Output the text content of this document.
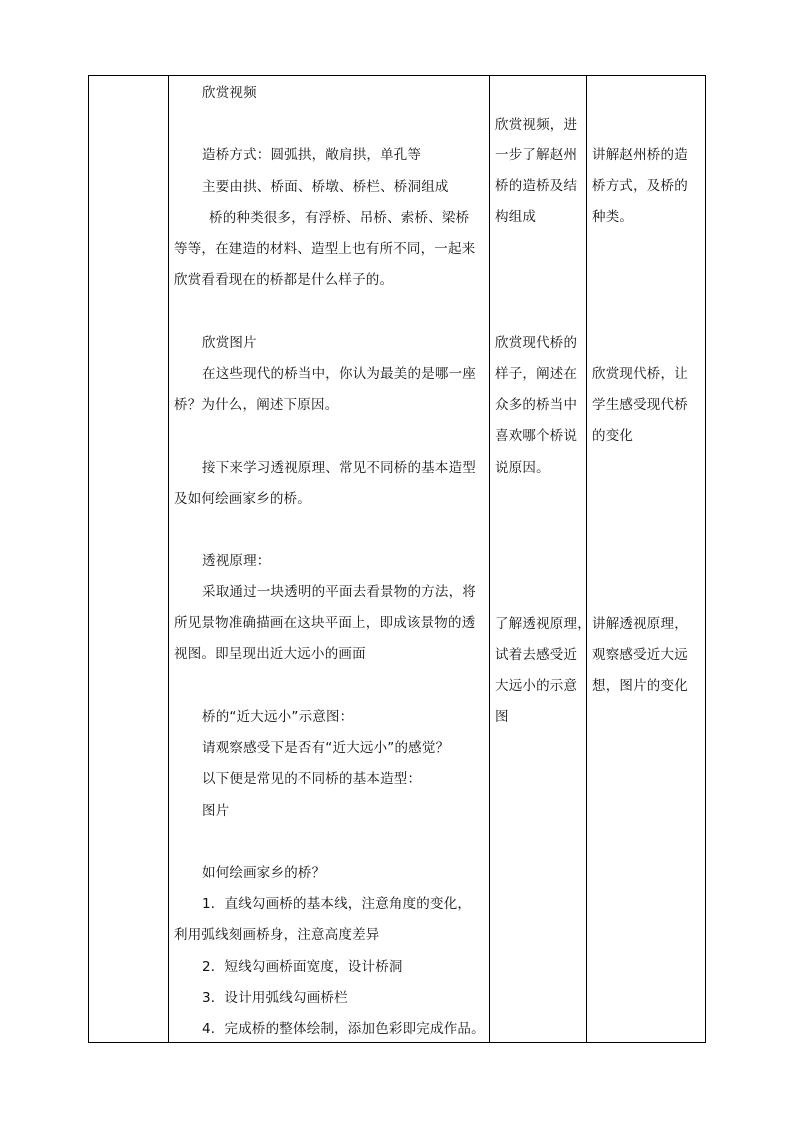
欣赏视频
造桥方式：圆弧拱，敞肩拱，单孔等
主要由拱、桥面、桥墩、桥栏、桥洞组成
桥的种类很多，有浮桥、吊桥、索桥、梁桥
等等，在建造的材料、造型上也有所不同，一起来
欣赏看看现在的桥都是什么样子的。
欣赏图片
在这些现代的桥当中，你认为最美的是哪一座
桥？为什么，阐述下原因。
接下来学习透视原理、常见不同桥的基本造型
及如何绘画家乡的桥。
透视原理：
采取通过一块透明的平面去看景物的方法，将
所见景物准确描画在这块平面上，即成该景物的透
视图。即呈现出近大远小的画面
桥的“近大远小”示意图：
请观察感受下是否有“近大远小”的感觉？
以下便是常见的不同桥的基本造型：
图片
如何绘画家乡的桥？
1．直线勾画桥的基本线，注意角度的变化，
利用弧线刻画桥身，注意高度差异
2．短线勾画桥面宽度，设计桥洞
3．设计用弧线勾画桥栏
4．完成桥的整体绘制，添加色彩即完成作品。
欣赏视频，进
一步了解赵州
桥的造桥及结
构组成
欣赏现代桥的
样子，阐述在
众多的桥当中
喜欢哪个桥说
说原因。
了解透视原理，
试着去感受近
大远小的示意
图
讲解赵州桥的造
桥方式，及桥的
种类。
欣赏现代桥，让
学生感受现代桥
的变化
讲解透视原理，
观察感受近大远
想，图片的变化
